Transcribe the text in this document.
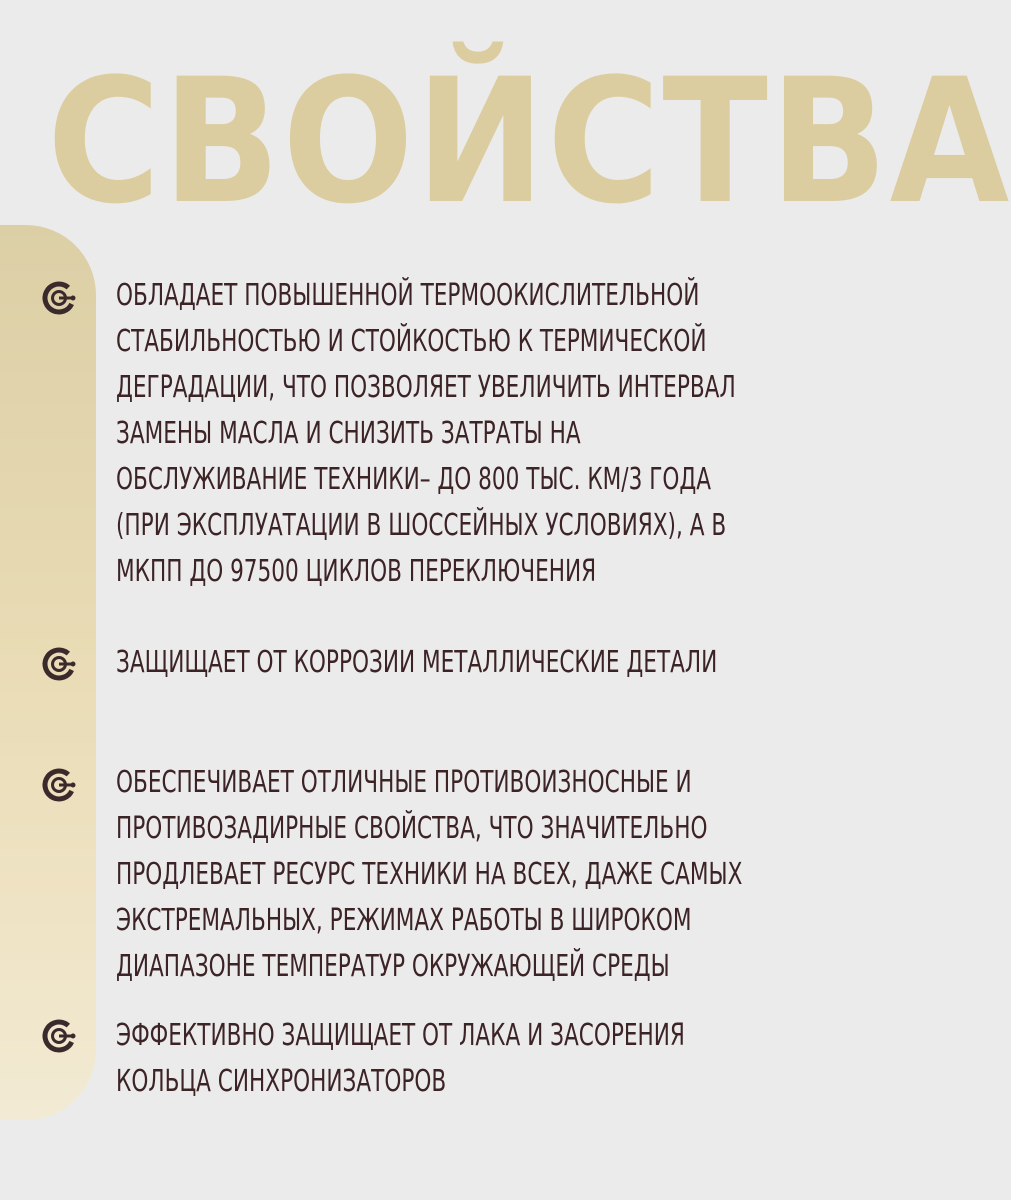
СВОЙСТВА

ОБЛАДАЕТ ПОВЫШЕННОЙ ТЕРМООКИСЛИТЕЛЬНОЙ
СТАБИЛЬНОСТЬЮ И СТОЙКОСТЬЮ К ТЕРМИЧЕСКОЙ
ДЕГРАДАЦИИ, ЧТО ПОЗВОЛЯЕТ УВЕЛИЧИТЬ ИНТЕРВАЛ
ЗАМЕНЫ МАСЛА И СНИЗИТЬ ЗАТРАТЫ НА
ОБСЛУЖИВАНИЕ ТЕХНИКИ– ДО 800 ТЫС. КМ/3 ГОДА
(ПРИ ЭКСПЛУАТАЦИИ В ШОССЕЙНЫХ УСЛОВИЯХ), А В
МКПП ДО 97500 ЦИКЛОВ ПЕРЕКЛЮЧЕНИЯ

ЗАЩИЩАЕТ ОТ КОРРОЗИИ МЕТАЛЛИЧЕСКИЕ ДЕТАЛИ

ОБЕСПЕЧИВАЕТ ОТЛИЧНЫЕ ПРОТИВОИЗНОСНЫЕ И
ПРОТИВОЗАДИРНЫЕ СВОЙСТВА, ЧТО ЗНАЧИТЕЛЬНО
ПРОДЛЕВАЕТ РЕСУРС ТЕХНИКИ НА ВСЕХ, ДАЖЕ САМЫХ
ЭКСТРЕМАЛЬНЫХ, РЕЖИМАХ РАБОТЫ В ШИРОКОМ
ДИАПАЗОНЕ ТЕМПЕРАТУР ОКРУЖАЮЩЕЙ СРЕДЫ

ЭФФЕКТИВНО ЗАЩИЩАЕТ ОТ ЛАКА И ЗАСОРЕНИЯ
КОЛЬЦА СИНХРОНИЗАТОРОВ
